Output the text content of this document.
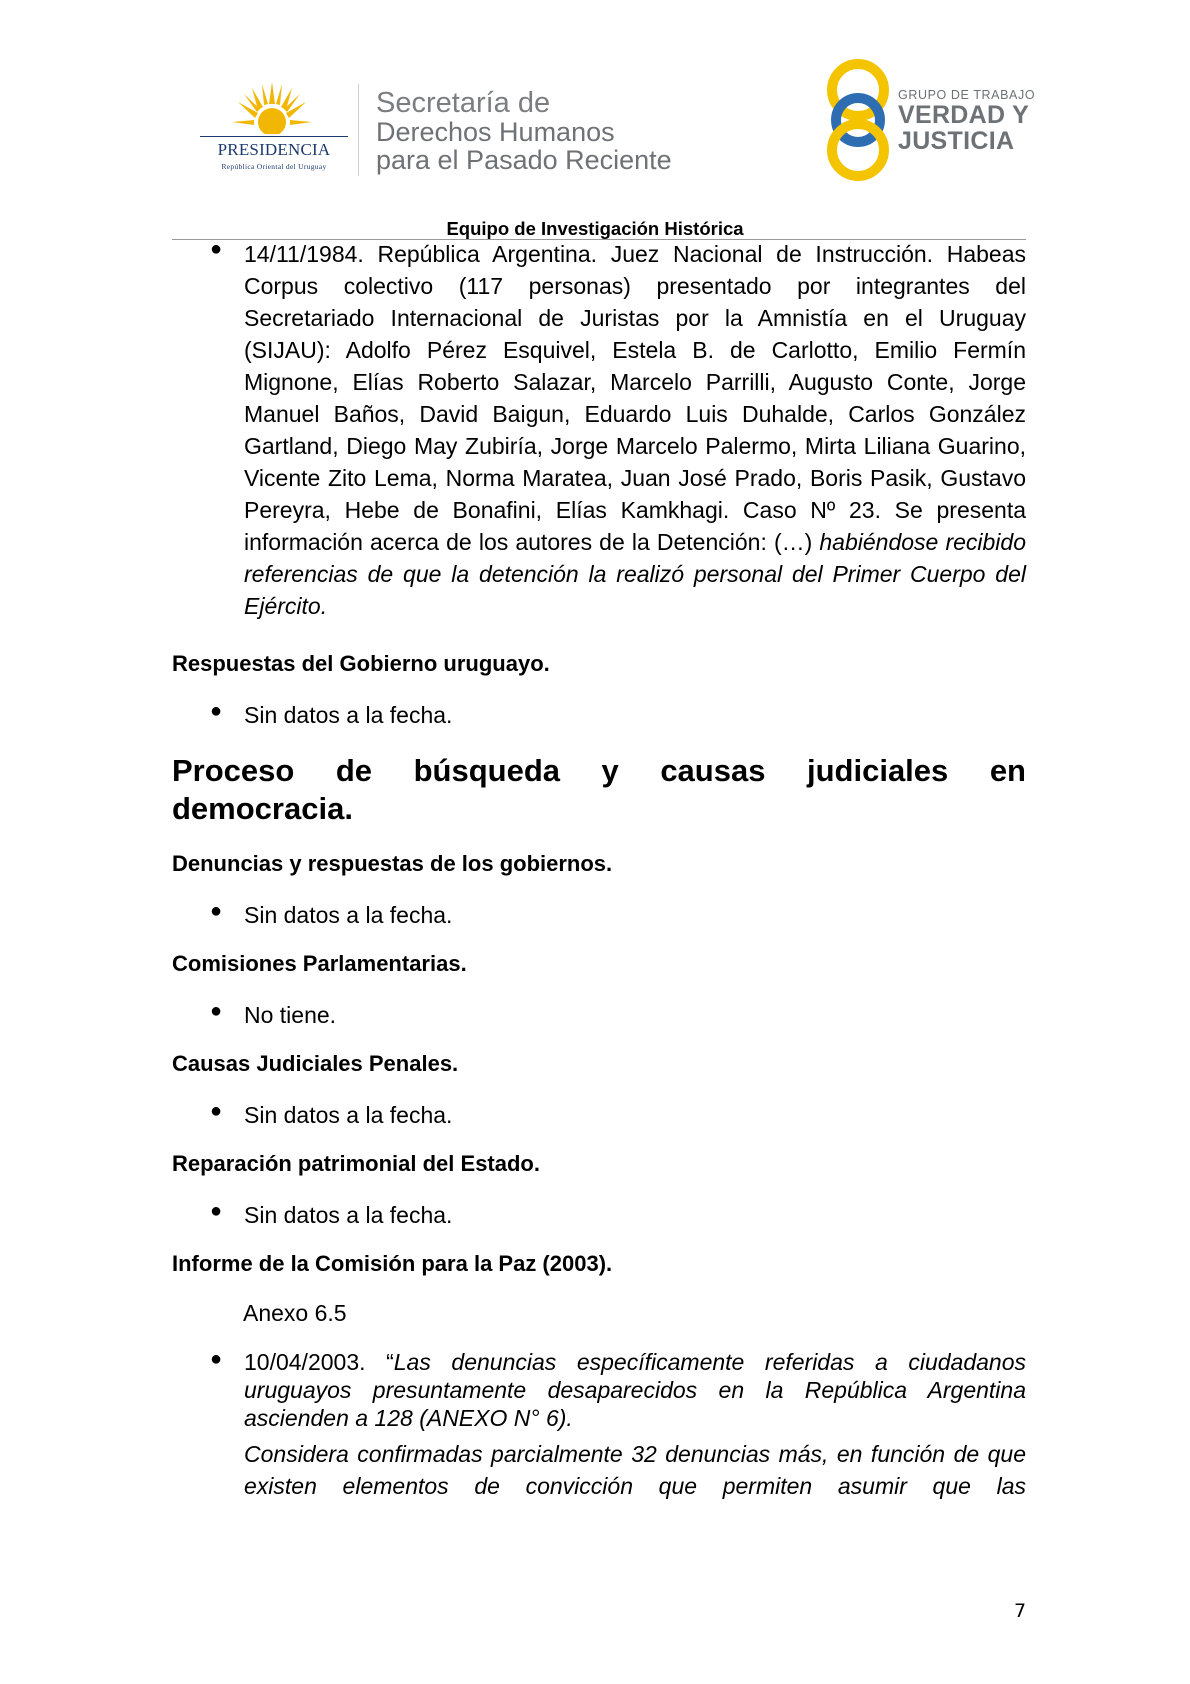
PRESIDENCIA
República Oriental del Uruguay
Secretaría de
Derechos Humanos
para el Pasado Reciente
GRUPO DE TRABAJO
VERDAD Y
JUSTICIA
Equipo de Investigación Histórica
● 14/11/1984. República Argentina. Juez Nacional de Instrucción. Habeas Corpus colectivo (117 personas) presentado por integrantes del Secretariado Internacional de Juristas por la Amnistía en el Uruguay (SIJAU): Adolfo Pérez Esquivel, Estela B. de Carlotto, Emilio Fermín Mignone, Elías Roberto Salazar, Marcelo Parrilli, Augusto Conte, Jorge Manuel Baños, David Baigun, Eduardo Luis Duhalde, Carlos González Gartland, Diego May Zubiría, Jorge Marcelo Palermo, Mirta Liliana Guarino, Vicente Zito Lema, Norma Maratea, Juan José Prado, Boris Pasik, Gustavo Pereyra, Hebe de Bonafini, Elías Kamkhagi. Caso Nº 23. Se presenta información acerca de los autores de la Detención: (…) habiéndose recibido referencias de que la detención la realizó personal del Primer Cuerpo del Ejército.
Respuestas del Gobierno uruguayo.
● Sin datos a la fecha.
Proceso de búsqueda y causas judiciales en
democracia.
Denuncias y respuestas de los gobiernos.
● Sin datos a la fecha.
Comisiones Parlamentarias.
● No tiene.
Causas Judiciales Penales.
● Sin datos a la fecha.
Reparación patrimonial del Estado.
● Sin datos a la fecha.
Informe de la Comisión para la Paz (2003).
Anexo 6.5
● 10/04/2003. “Las denuncias específicamente referidas a ciudadanos uruguayos presuntamente desaparecidos en la República Argentina ascienden a 128 (ANEXO N° 6).
Considera confirmadas parcialmente 32 denuncias más, en función de que existen elementos de convicción que permiten asumir que las
7
